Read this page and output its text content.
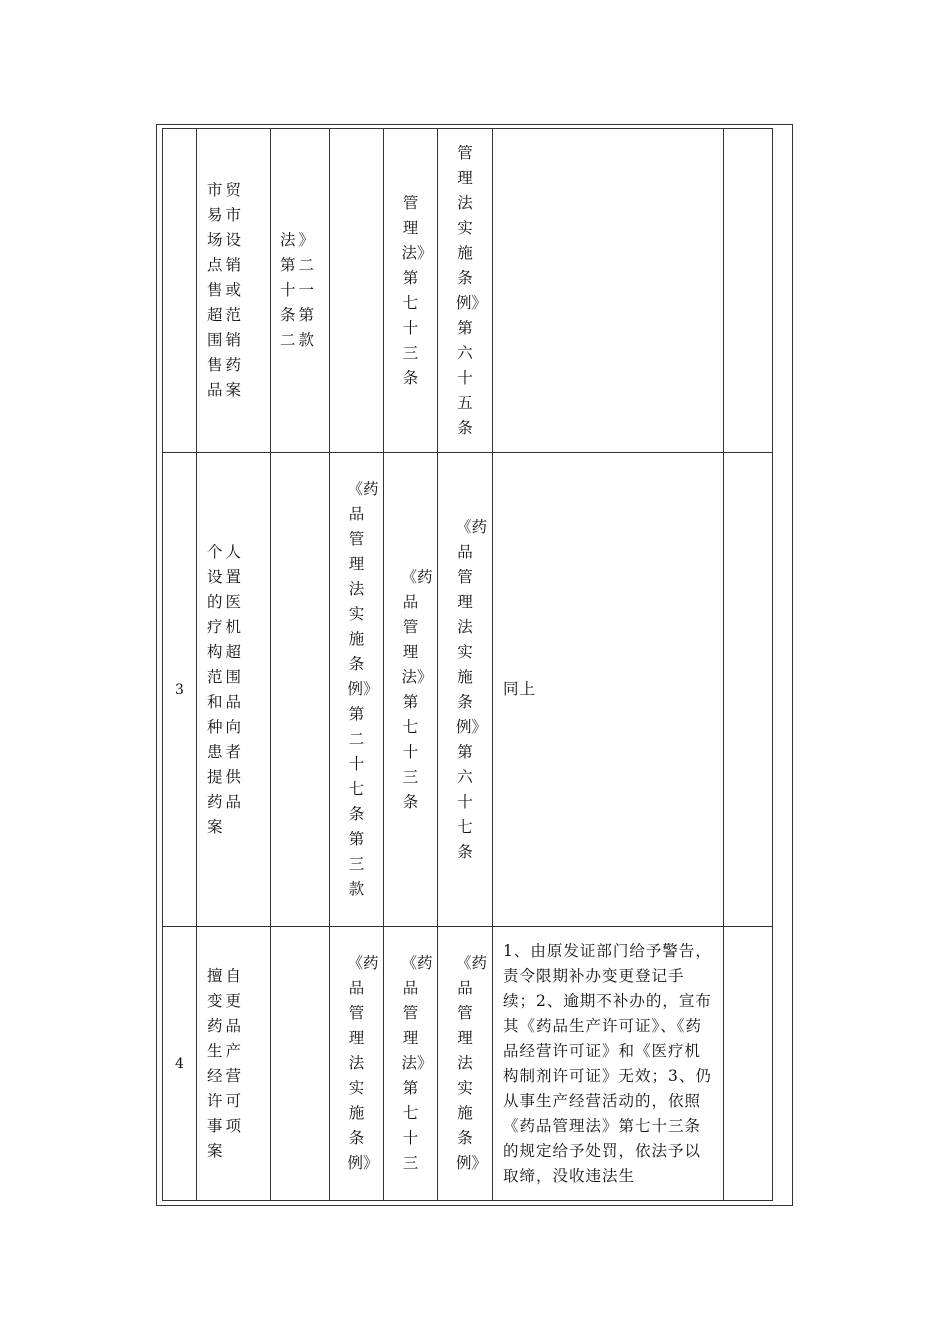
	市贸易市场设点销售或超范围销售药品案	法》第二十一条第二款		管理法》第七十三条	管理法实施条例》第六十五条		

3	个人设置的医疗机构超范围和品种向患者提供药品案		《药品管理法实施条例》第二十七条第三款	《药品管理法》第七十三条	《药品管理法实施条例》第六十七条	同上	

4	擅自变更药品生产经营许可事项案		《药品管理法实施条例》	《药品管理法》第七十三	《药品管理法实施条例》	1、由原发证部门给予警告，责令限期补办变更登记手续；2、逾期不补办的，宣布其《药品生产许可证》、《药品经营许可证》和《医疗机构制剂许可证》无效；3、仍从事生产经营活动的，依照《药品管理法》第七十三条的规定给予处罚，依法予以取缔，没收违法生	
